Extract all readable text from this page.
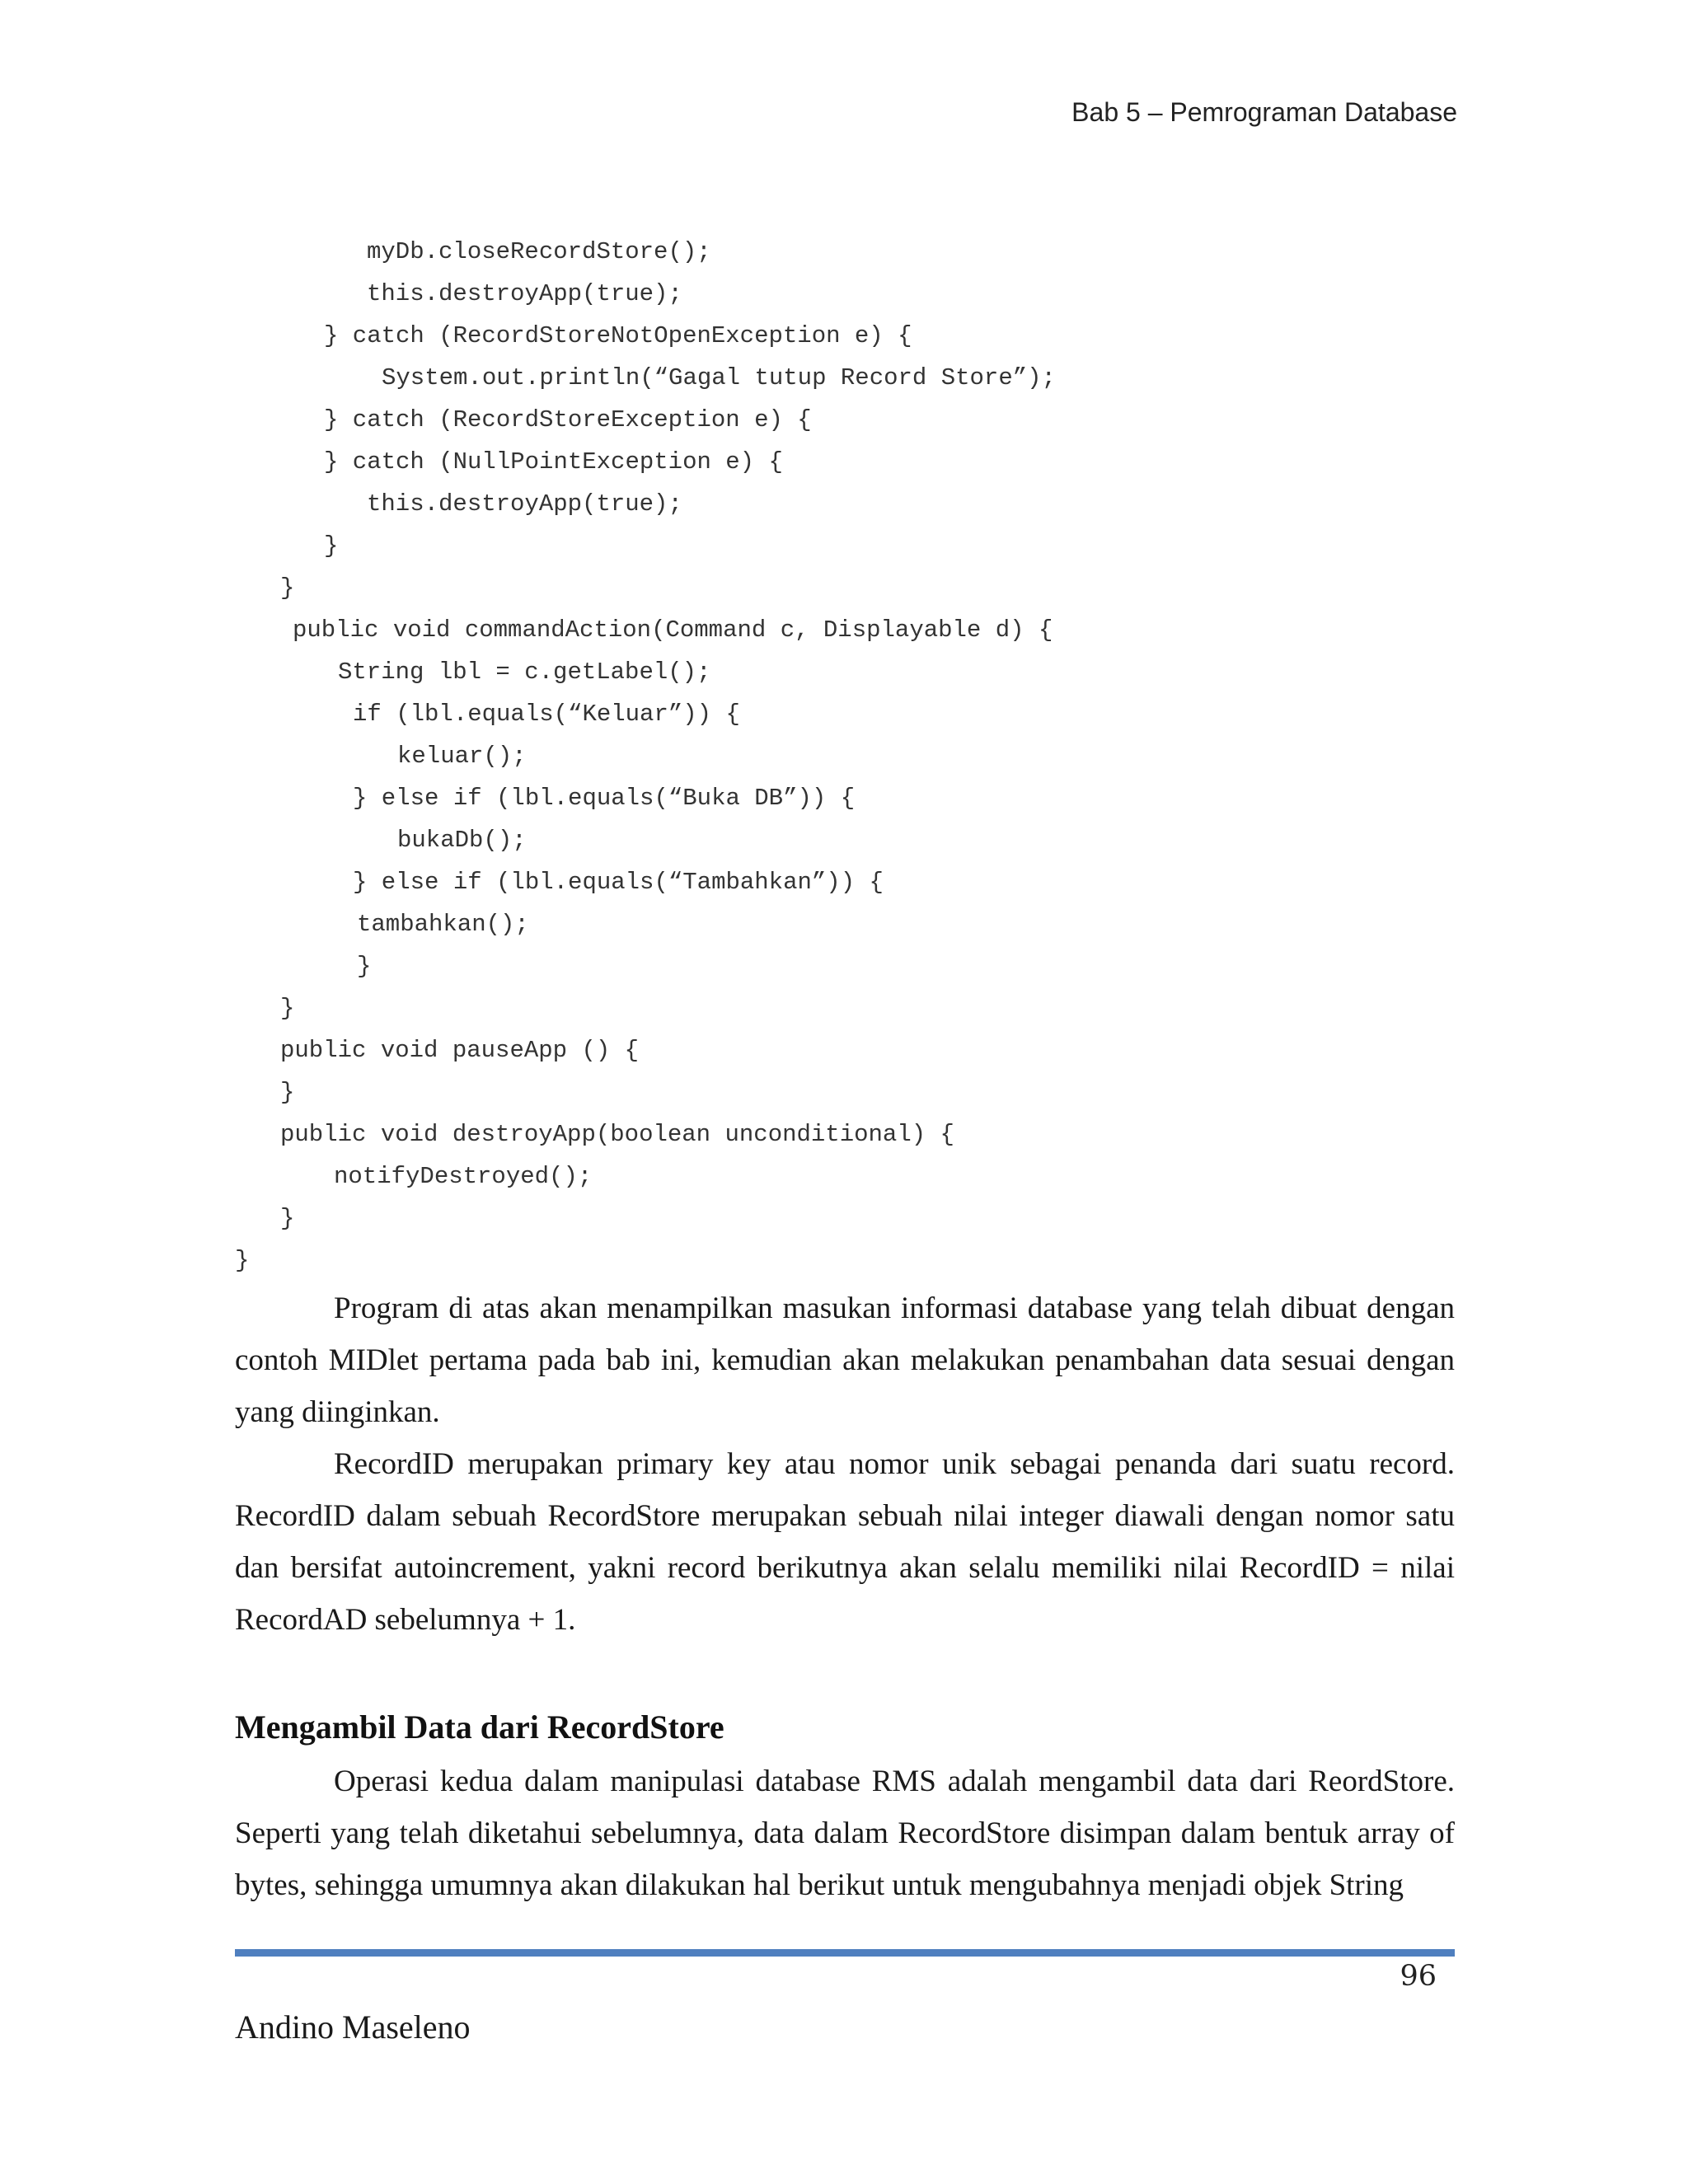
Bab 5 – Pemrograman Database
myDb.closeRecordStore();
this.destroyApp(true);
} catch (RecordStoreNotOpenException e) {
System.out.println(“Gagal tutup Record Store”);
} catch (RecordStoreException e) {
} catch (NullPointException e) {
this.destroyApp(true);
}
}
public void commandAction(Command c, Displayable d) {
String lbl = c.getLabel();
if (lbl.equals(“Keluar”)) {
keluar();
} else if (lbl.equals(“Buka DB”)) {
bukaDb();
} else if (lbl.equals(“Tambahkan”)) {
tambahkan();
}
}
public void pauseApp () {
}
public void destroyApp(boolean unconditional) {
notifyDestroyed();
}
}

Program di atas akan menampilkan masukan informasi database yang telah dibuat dengan contoh MIDlet pertama pada bab ini, kemudian akan melakukan penambahan data sesuai dengan yang diinginkan.

RecordID merupakan primary key atau nomor unik sebagai penanda dari suatu record. RecordID dalam sebuah RecordStore merupakan sebuah nilai integer diawali dengan nomor satu dan bersifat autoincrement, yakni record berikutnya akan selalu memiliki nilai RecordID = nilai RecordAD sebelumnya + 1.

Mengambil Data dari RecordStore

Operasi kedua dalam manipulasi database RMS adalah mengambil data dari ReordStore. Seperti yang telah diketahui sebelumnya, data dalam RecordStore disimpan dalam bentuk array of bytes, sehingga umumnya akan dilakukan hal berikut untuk mengubahnya menjadi objek String

96
Andino Maseleno
